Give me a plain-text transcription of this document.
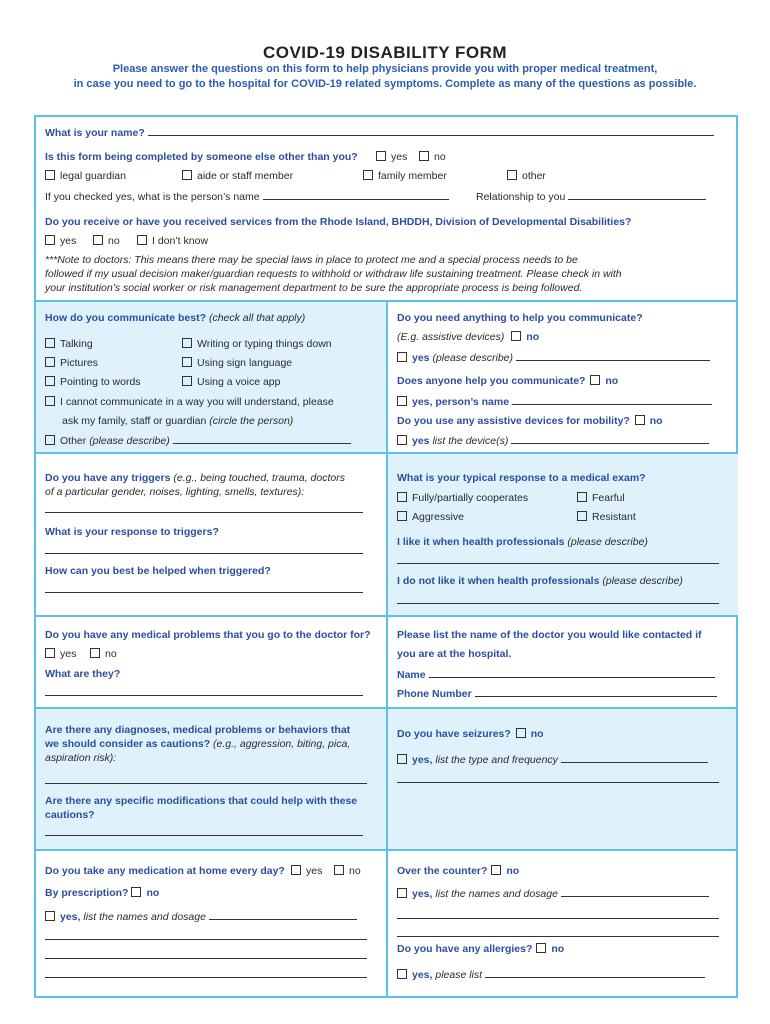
COVID-19 DISABILITY FORM
Please answer the questions on this form to help physicians provide you with proper medical treatment,
in case you need to go to the hospital for COVID-19 related symptoms. Complete as many of the questions as possible.
What is your name?
Is this form being completed by someone else other than you?	yes	no
legal guardian	aide or staff member	family member	other
If you checked yes, what is the person’s name	Relationship to you
Do you receive or have you received services from the Rhode Island, BHDDH, Division of Developmental Disabilities?
yes	no	I don’t know
***Note to doctors: This means there may be special laws in place to protect me and a special process needs to be
followed if my usual decision maker/guardian requests to withhold or withdraw life sustaining treatment. Please check in with
your institution’s social worker or risk management department to be sure the appropriate process is being followed.
How do you communicate best? (check all that apply)
Talking	Writing or typing things down
Pictures	Using sign language
Pointing to words	Using a voice app
I cannot communicate in a way you will understand, please
ask my family, staff or guardian (circle the person)
Other (please describe)
Do you need anything to help you communicate?
(E.g. assistive devices) no
yes (please describe)
Does anyone help you communicate? no
yes, person’s name
Do you use any assistive devices for mobility? no
yes list the device(s)
Do you have any triggers (e.g., being touched, trauma, doctors
of a particular gender, noises, lighting, smells, textures):
What is your response to triggers?
How can you best be helped when triggered?
What is your typical response to a medical exam?
Fully/partially cooperates	Fearful
Aggressive	Resistant
I like it when health professionals (please describe)
I do not like it when health professionals (please describe)
Do you have any medical problems that you go to the doctor for?
yes	no
What are they?
Please list the name of the doctor you would like contacted if
you are at the hospital.
Name
Phone Number
Are there any diagnoses, medical problems or behaviors that
we should consider as cautions? (e.g., aggression, biting, pica,
aspiration risk):
Are there any specific modifications that could help with these
cautions?
Do you have seizures? no
yes, list the type and frequency
Do you take any medication at home every day?	yes	no
By prescription? no
yes, list the names and dosage
Over the counter? no
yes, list the names and dosage
Do you have any allergies? no
yes, please list
